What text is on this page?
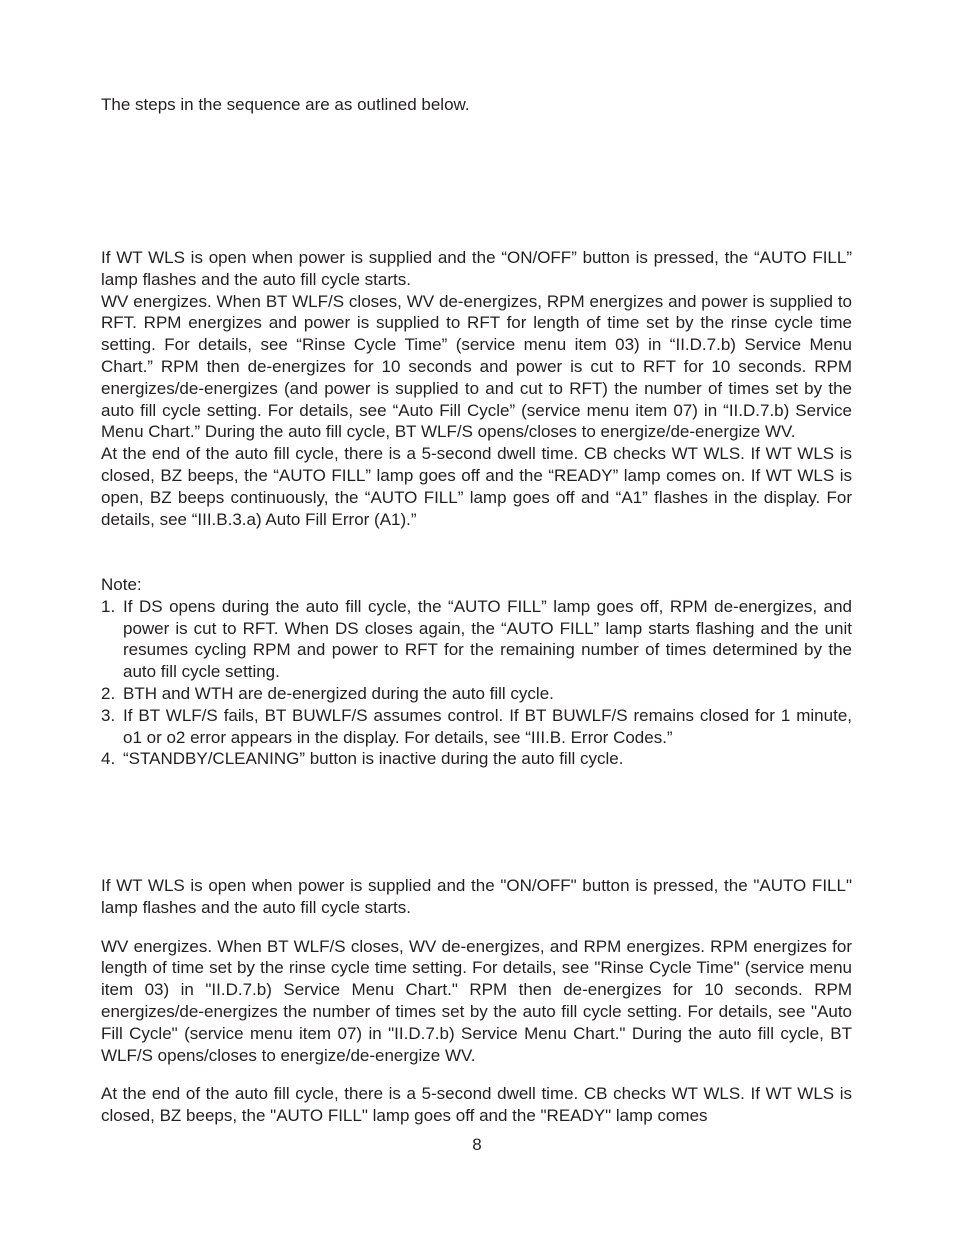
The steps in the sequence are as outlined below.

If WT WLS is open when power is supplied and the “ON/OFF” button is pressed, the “AUTO FILL” lamp flashes and the auto fill cycle starts.

WV energizes. When BT WLF/S closes, WV de-energizes, RPM energizes and power is supplied to RFT. RPM energizes and power is supplied to RFT for length of time set by the rinse cycle time setting. For details, see “Rinse Cycle Time” (service menu item 03) in “II.D.7.b) Service Menu Chart.” RPM then de-energizes for 10 seconds and power is cut to RFT for 10 seconds. RPM energizes/de-energizes (and power is supplied to and cut to RFT) the number of times set by the auto fill cycle setting. For details, see “Auto Fill Cycle” (service menu item 07) in “II.D.7.b) Service Menu Chart.” During the auto fill cycle, BT WLF/S opens/closes to energize/de-energize WV.

At the end of the auto fill cycle, there is a 5-second dwell time. CB checks WT WLS. If WT WLS is closed, BZ beeps, the “AUTO FILL” lamp goes off and the “READY” lamp comes on. If WT WLS is open, BZ beeps continuously, the “AUTO FILL” lamp goes off and “A1” flashes in the display. For details, see “III.B.3.a) Auto Fill Error (A1).”

Note:

1. If DS opens during the auto fill cycle, the “AUTO FILL” lamp goes off, RPM de-energizes, and power is cut to RFT. When DS closes again, the “AUTO FILL” lamp starts flashing and the unit resumes cycling RPM and power to RFT for the remaining number of times determined by the auto fill cycle setting.
2. BTH and WTH are de-energized during the auto fill cycle.
3. If BT WLF/S fails, BT BUWLF/S assumes control. If BT BUWLF/S remains closed for 1 minute, o1 or o2 error appears in the display. For details, see “III.B. Error Codes.”
4. “STANDBY/CLEANING” button is inactive during the auto fill cycle.

If WT WLS is open when power is supplied and the "ON/OFF" button is pressed, the "AUTO FILL" lamp flashes and the auto fill cycle starts.

WV energizes. When BT WLF/S closes, WV de-energizes, and RPM energizes. RPM energizes for length of time set by the rinse cycle time setting. For details, see "Rinse Cycle Time" (service menu item 03) in "II.D.7.b) Service Menu Chart." RPM then de-energizes for 10 seconds. RPM energizes/de-energizes the number of times set by the auto fill cycle setting. For details, see "Auto Fill Cycle" (service menu item 07) in "II.D.7.b) Service Menu Chart." During the auto fill cycle, BT WLF/S opens/closes to energize/de-energize WV.

At the end of the auto fill cycle, there is a 5-second dwell time. CB checks WT WLS. If WT WLS is closed, BZ beeps, the "AUTO FILL" lamp goes off and the "READY" lamp comes

8
